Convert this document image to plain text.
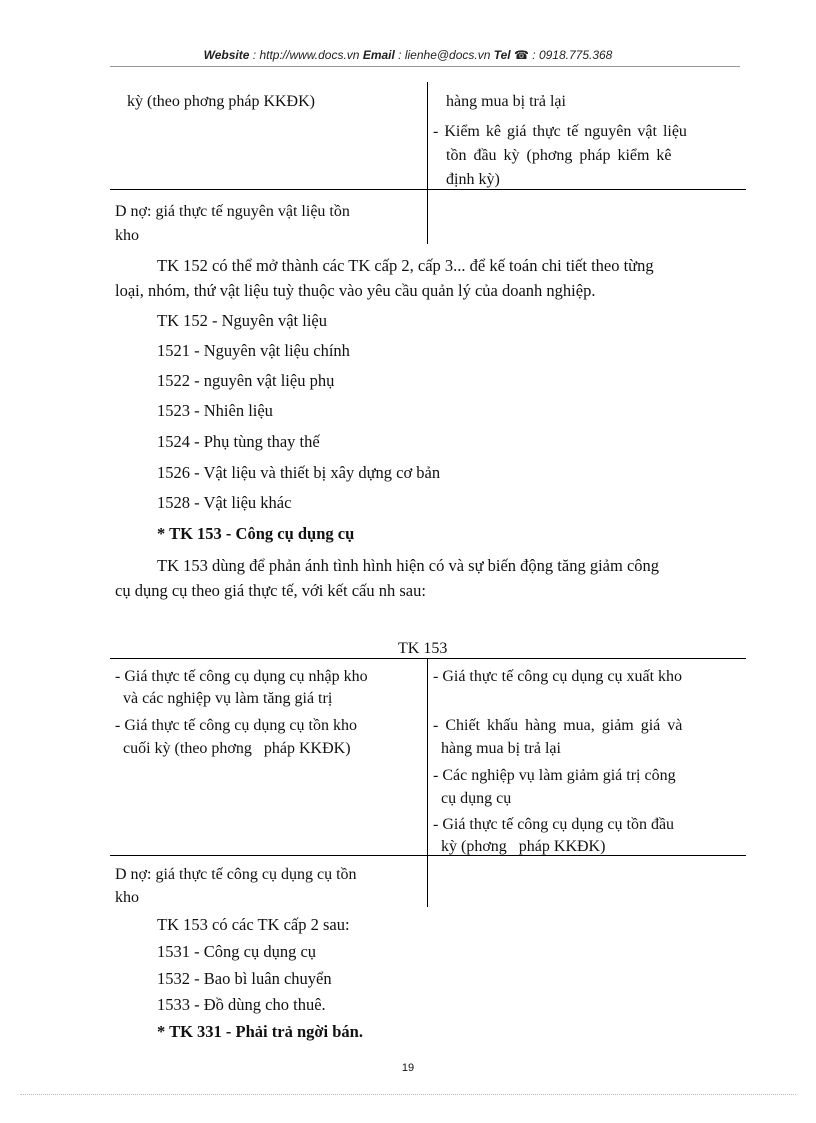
Website : http://www.docs.vn Email : lienhe@docs.vn Tel ☎ : 0918.775.368
kỳ (theo phơng pháp KKĐK)	hàng mua bị trả lại
- Kiểm kê giá thực tế nguyên vật liệu
tồn đầu kỳ (phơng pháp kiểm kê
định kỳ)
D nợ: giá thực tế nguyên vật liệu tồn
kho
TK 152 có thể mở thành các TK cấp 2, cấp 3... để kế toán chi tiết theo từng
loại, nhóm, thứ vật liệu tuỳ thuộc vào yêu cầu quản lý của doanh nghiệp.
TK 152 - Nguyên vật liệu
1521 - Nguyên vật liệu chính
1522 - nguyên vật liệu phụ
1523 - Nhiên liệu
1524 - Phụ tùng thay thế
1526 - Vật liệu và thiết bị xây dựng cơ bản
1528 - Vật liệu khác
* TK 153 - Công cụ dụng cụ
TK 153 dùng để phản ánh tình hình hiện có và sự biến động tăng giảm công
cụ dụng cụ theo giá thực tế, với kết cấu nh sau:
TK 153
- Giá thực tế công cụ dụng cụ nhập kho
và các nghiệp vụ làm tăng giá trị
- Giá thực tế công cụ dụng cụ tồn kho
cuối kỳ (theo phơng   pháp KKĐK)
- Giá thực tế công cụ dụng cụ xuất kho
- Chiết khấu hàng mua, giảm giá và
hàng mua bị trả lại
- Các nghiệp vụ làm giảm giá trị công
cụ dụng cụ
- Giá thực tế công cụ dụng cụ tồn đầu
kỳ (phơng   pháp KKĐK)
D nợ: giá thực tế công cụ dụng cụ tồn
kho
TK 153 có các TK cấp 2 sau:
1531 - Công cụ dụng cụ
1532 - Bao bì luân chuyển
1533 - Đồ dùng cho thuê.
* TK 331 - Phải trả ngời bán.
19
